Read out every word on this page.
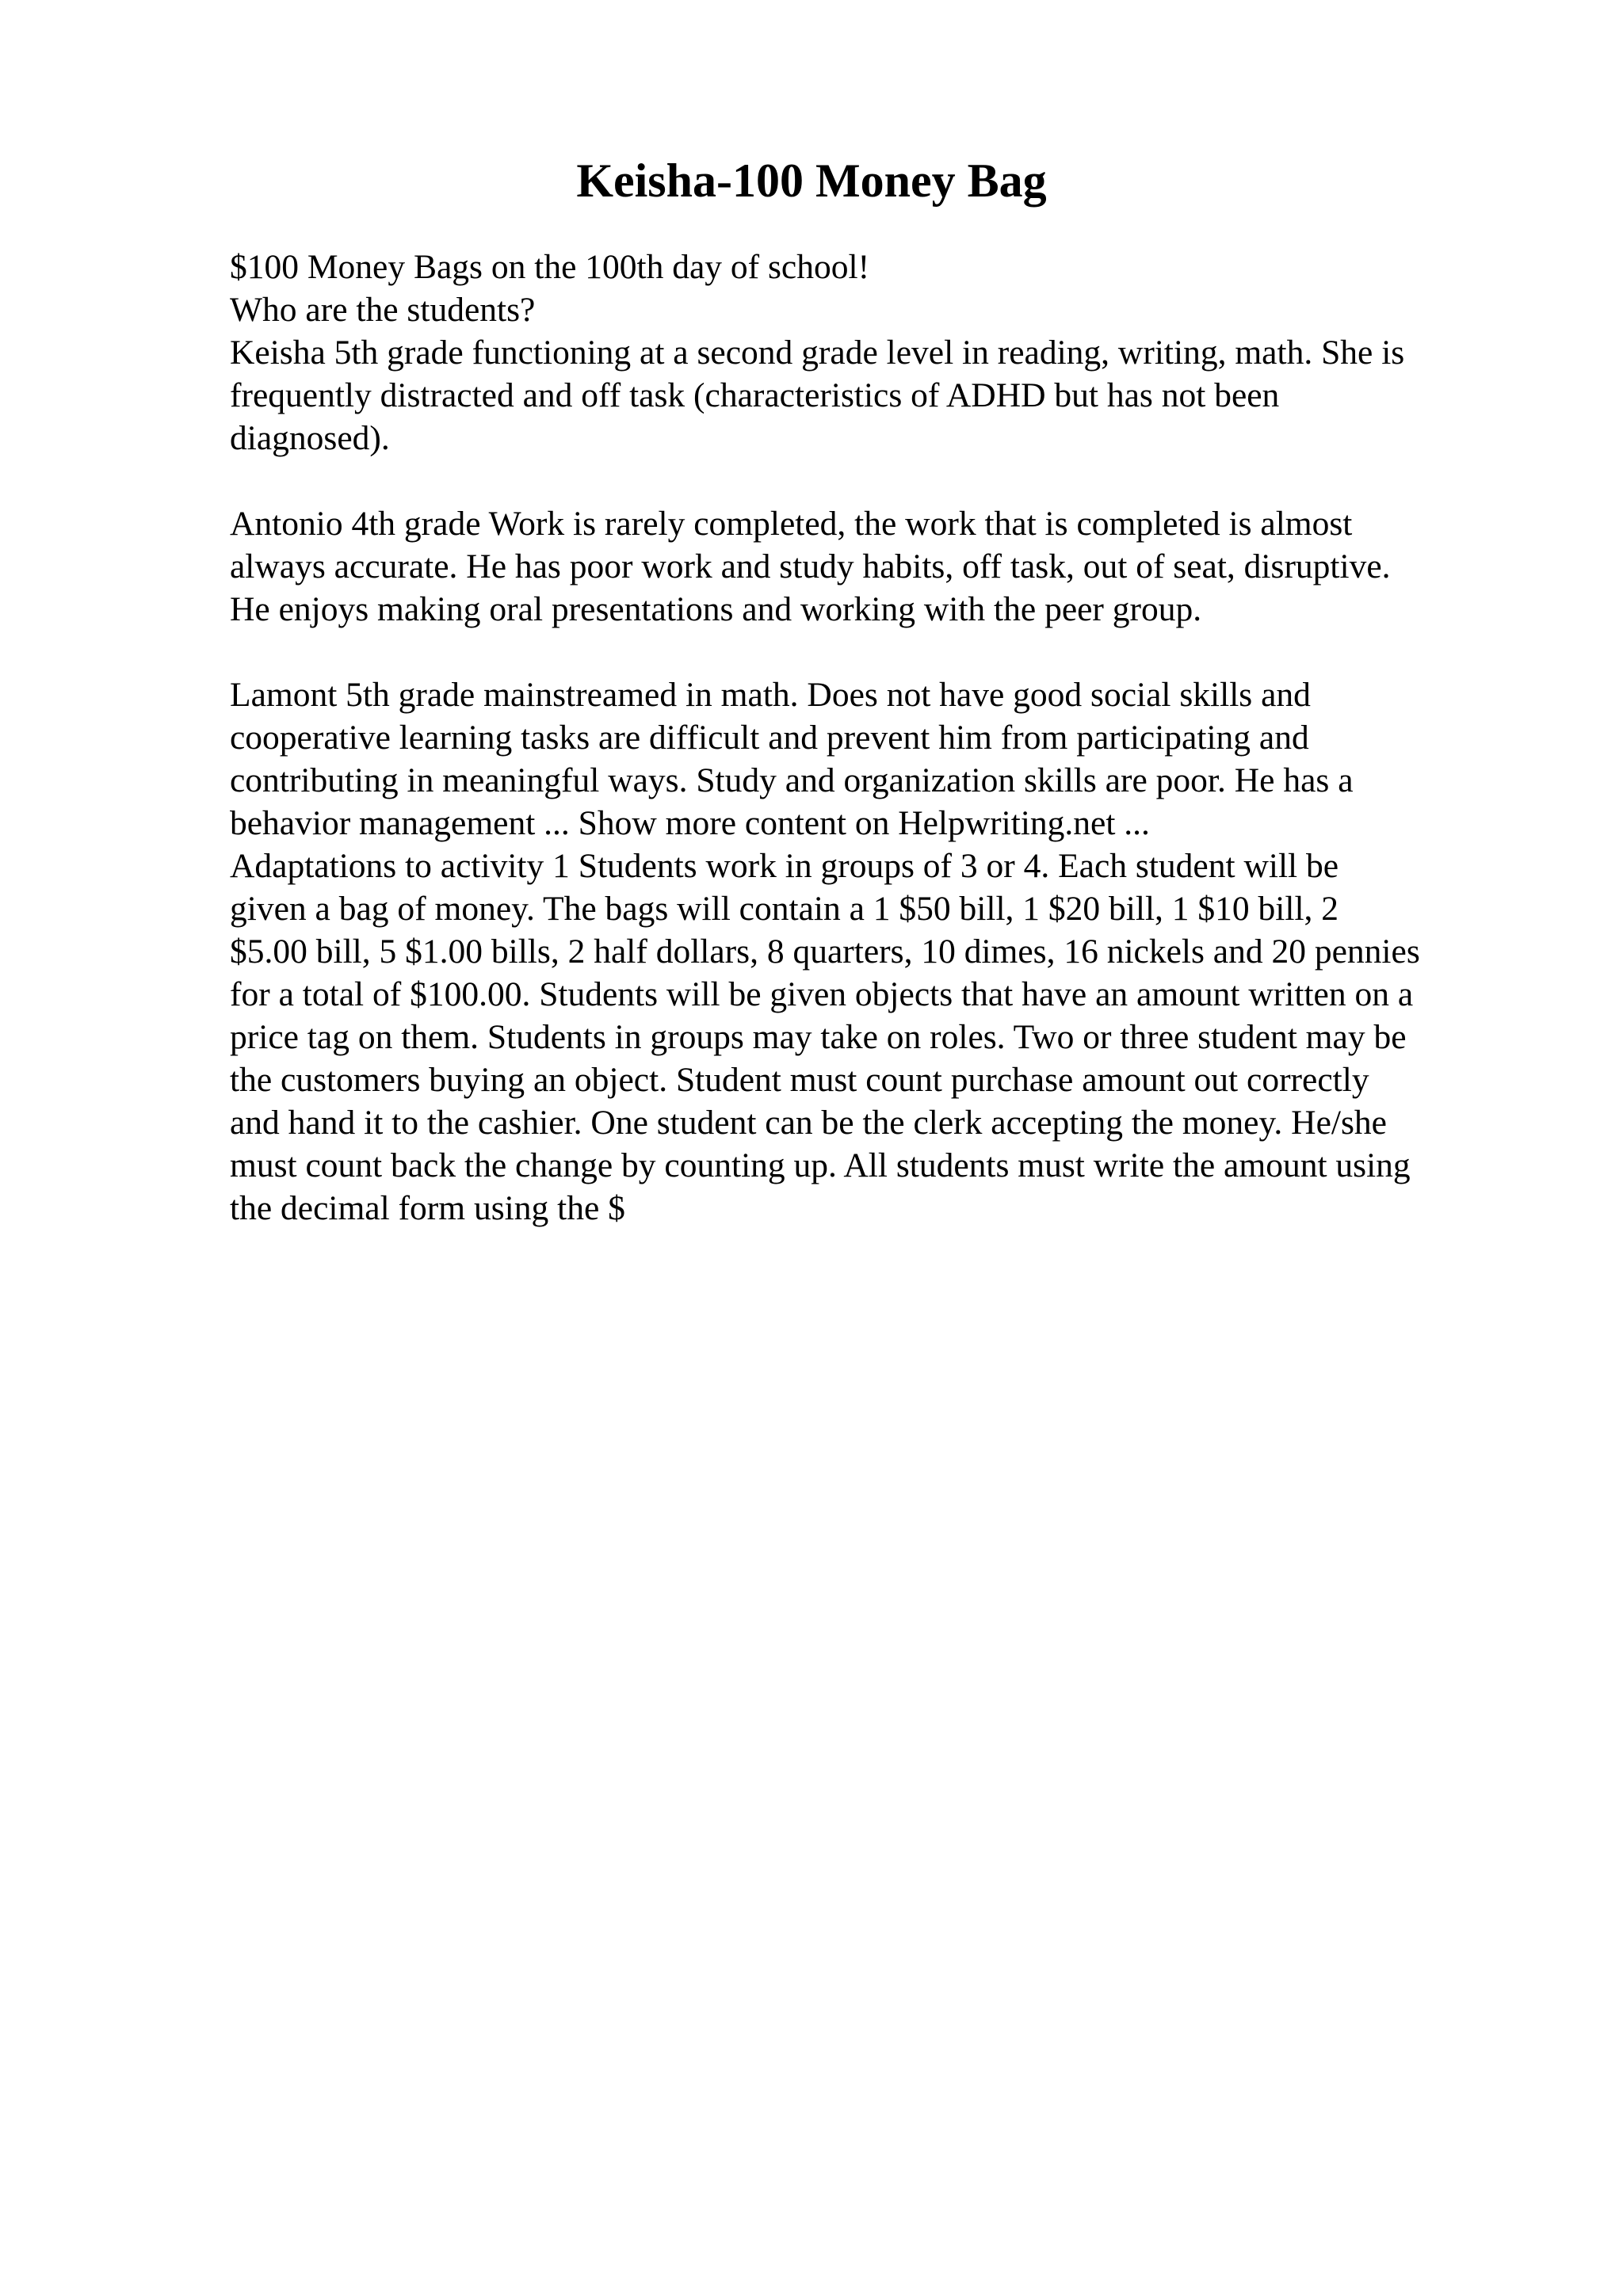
Keisha-100 Money Bag
$100 Money Bags on the 100th day of school!
Who are the students?
Keisha 5th grade functioning at a second grade level in reading, writing, math. She is
frequently distracted and off task (characteristics of ADHD but has not been
diagnosed).
Antonio 4th grade Work is rarely completed, the work that is completed is almost
always accurate. He has poor work and study habits, off task, out of seat, disruptive.
He enjoys making oral presentations and working with the peer group.
Lamont 5th grade mainstreamed in math. Does not have good social skills and
cooperative learning tasks are difficult and prevent him from participating and
contributing in meaningful ways. Study and organization skills are poor. He has a
behavior management ... Show more content on Helpwriting.net ...
Adaptations to activity 1 Students work in groups of 3 or 4. Each student will be
given a bag of money. The bags will contain a 1 $50 bill, 1 $20 bill, 1 $10 bill, 2
$5.00 bill, 5 $1.00 bills, 2 half dollars, 8 quarters, 10 dimes, 16 nickels and 20 pennies
for a total of $100.00. Students will be given objects that have an amount written on a
price tag on them. Students in groups may take on roles. Two or three student may be
the customers buying an object. Student must count purchase amount out correctly
and hand it to the cashier. One student can be the clerk accepting the money. He/she
must count back the change by counting up. All students must write the amount using
the decimal form using the $
